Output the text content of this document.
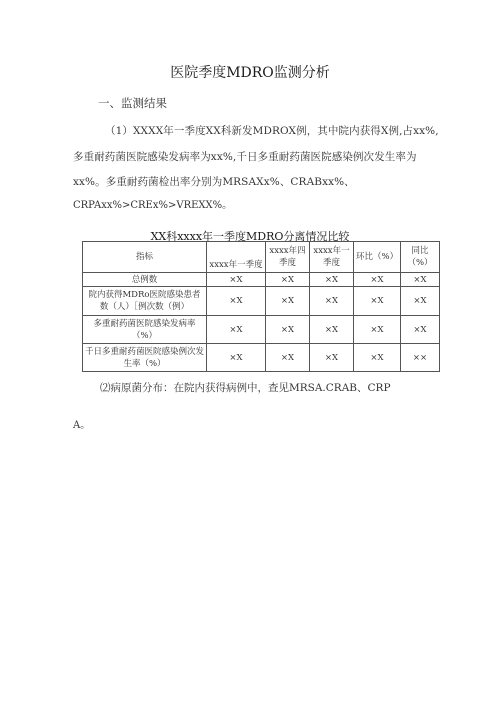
医院季度MDRO监测分析
一、监测结果
（1）XXXX年一季度XX科新发MDROX例，其中院内获得X例,占xx%,多重耐药菌医院感染发病率为xx%,千日多重耐药菌医院感染例次发生率为xx%。多重耐药菌检出率分别为MRSAXx%、CRABxx%、
CRPAxx%>CREx%>VREXX%。
XX科xxxx年一季度MDRO分离情况比较
指标	xxxx年一季度	xxxx年四季度	xxxx年一季度	环比（%）	同比（%）
总例数	×X	×X	×X	×X	×X
院内获得MDRo医院感染患者数（人）［例次数（例）	×X	×X	×X	×X	×X
多重耐药菌医院感染发病率（%）	×X	×X	×X	×X	×X
千日多重耐药菌医院感染例次发生率（%）	×X	×X	×X	×X	××
⑵病原菌分布：在院内获得病例中，查见MRSA.CRAB、CRP
A。
